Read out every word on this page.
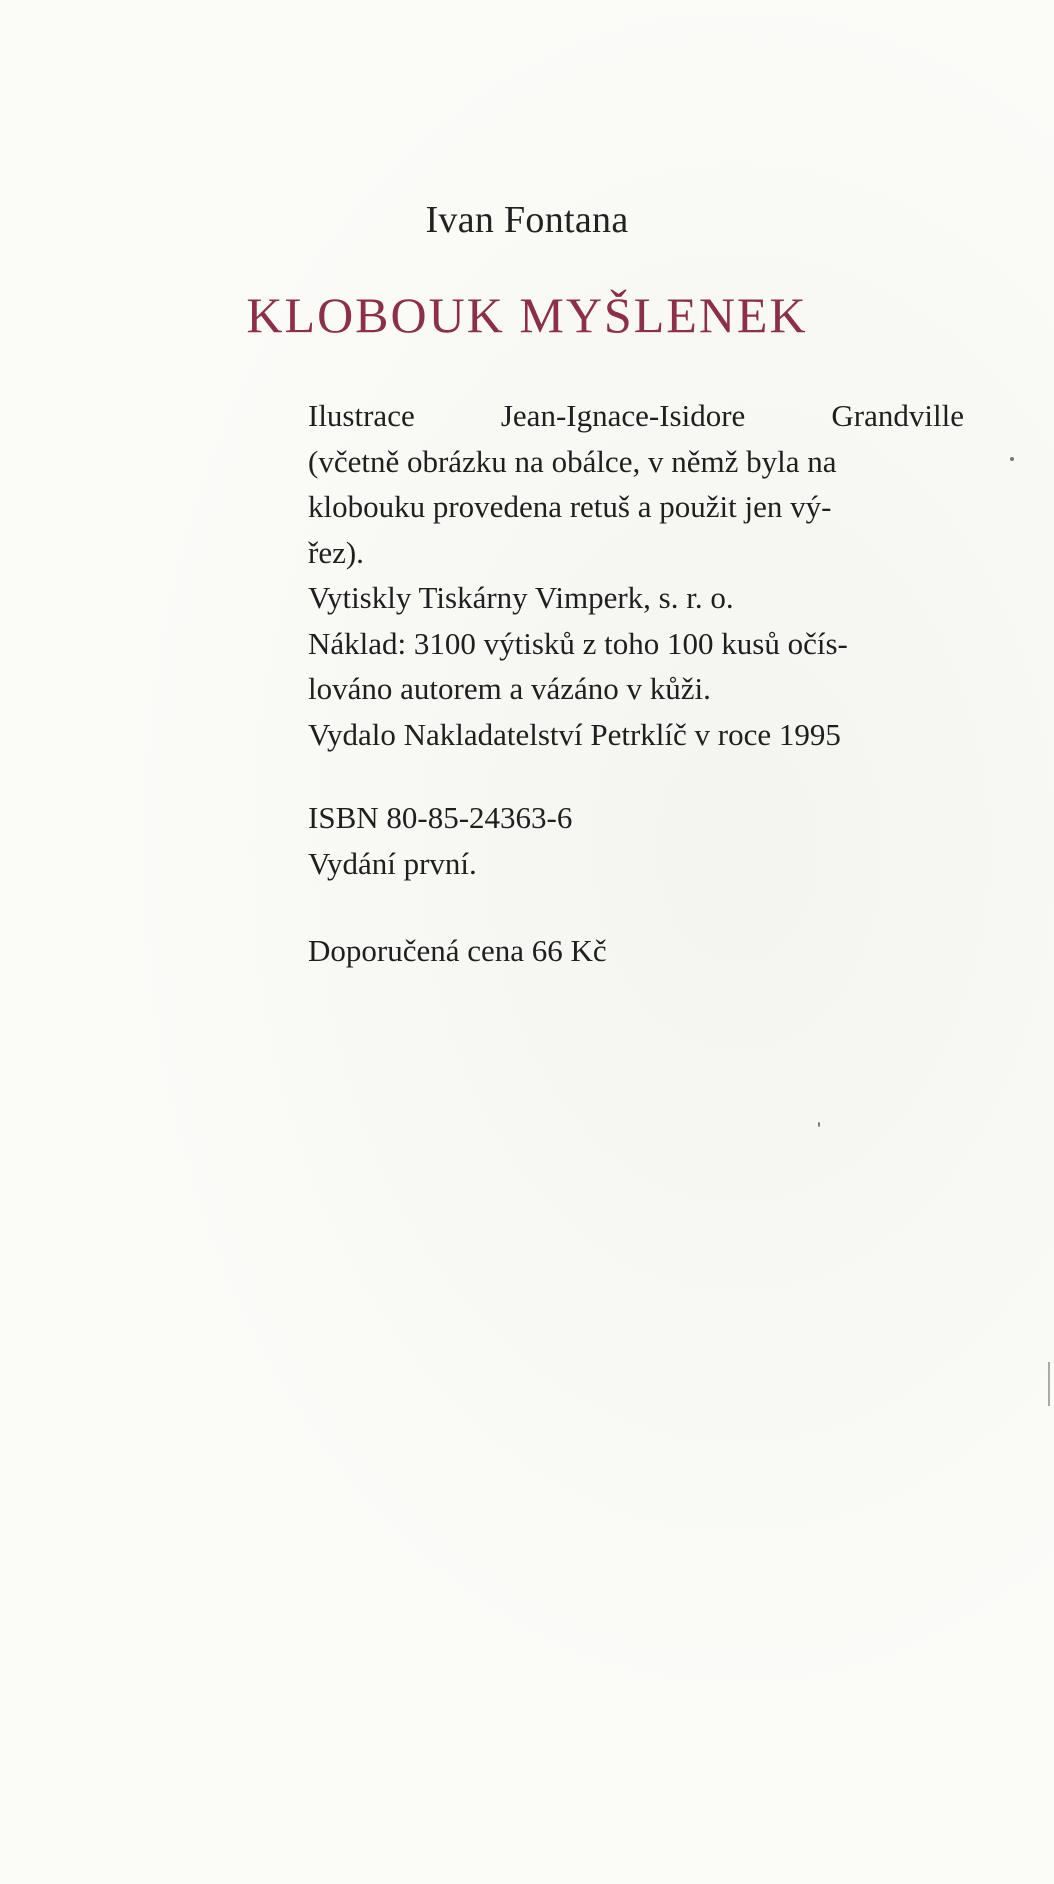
Ivan Fontana
KLOBOUK MYŠLENEK
Ilustrace	Jean-Ignace-Isidore	Grandville
(včetně obrázku na obálce, v němž byla na
klobouku provedena retuš a použit jen vý-
řez).
Vytiskly Tiskárny Vimperk, s. r. o.
Náklad: 3100 výtisků z toho 100 kusů očís-
lováno autorem a vázáno v kůži.
Vydalo Nakladatelství Petrklíč v roce 1995
ISBN 80-85-24363-6
Vydání první.
Doporučená cena 66 Kč
